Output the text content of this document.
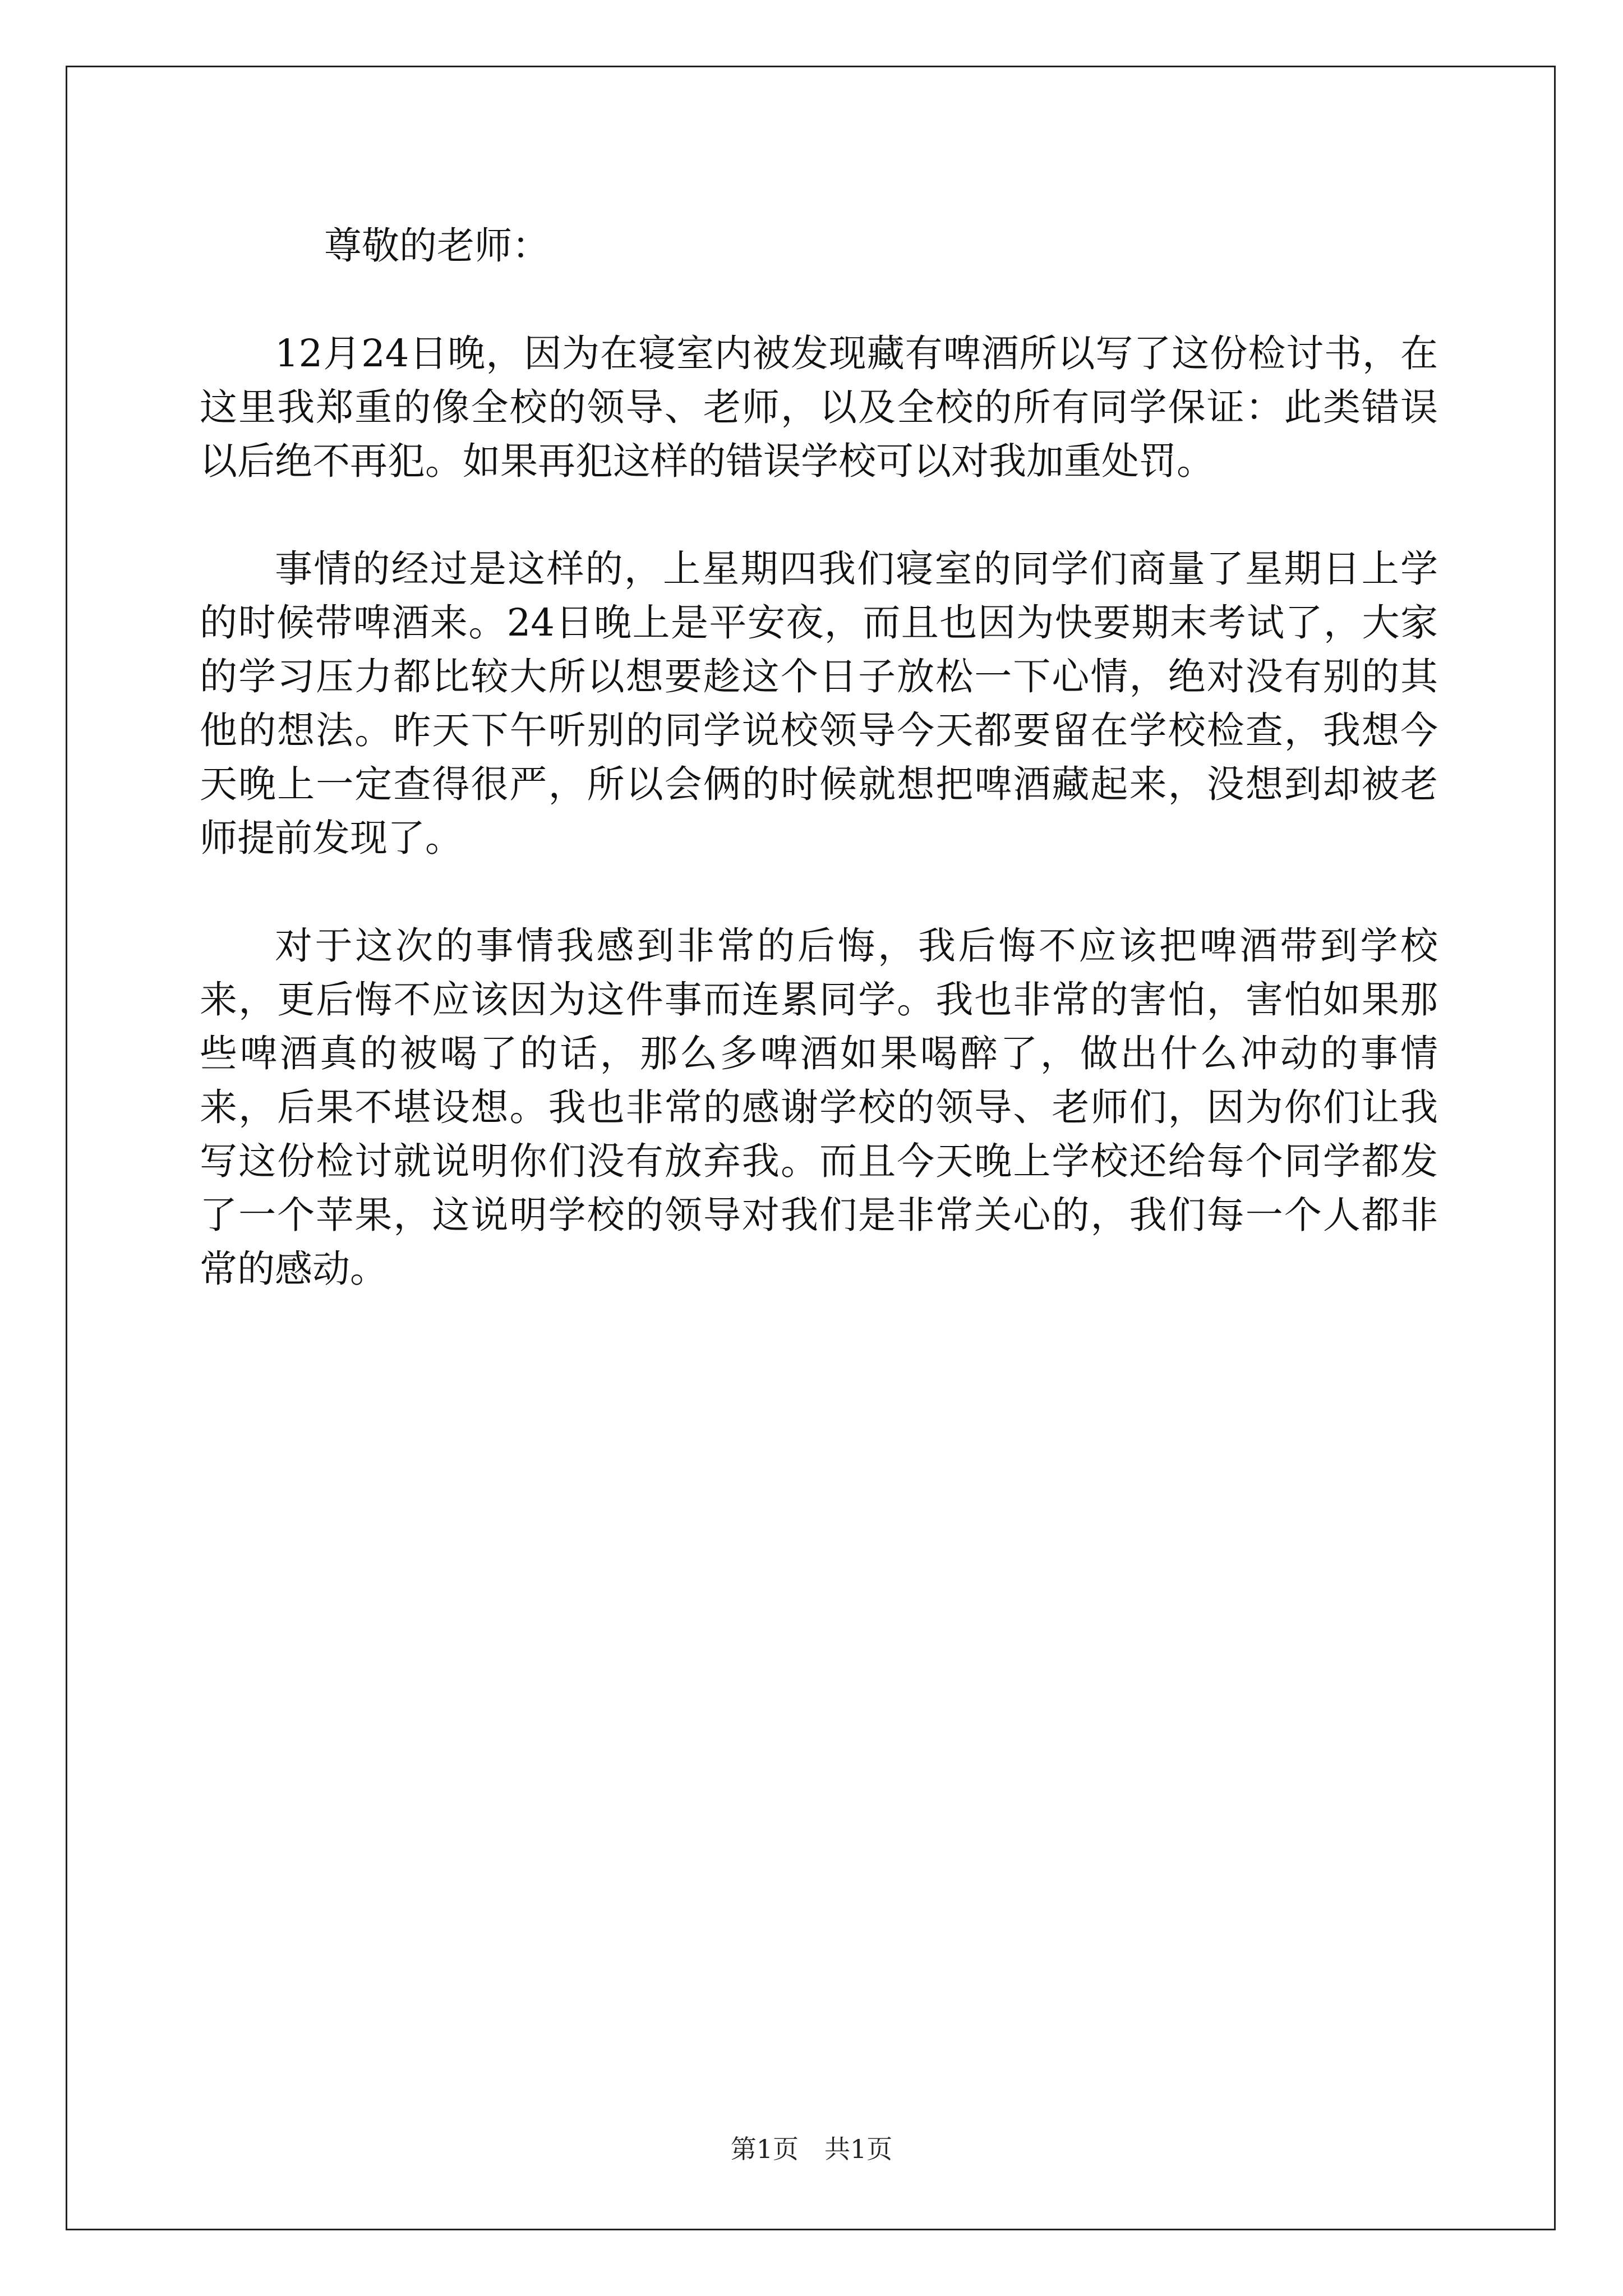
尊敬的老师：

12月24日晚，因为在寝室内被发现藏有啤酒所以写了这份检讨书，在这里我郑重的像全校的领导、老师，以及全校的所有同学保证：此类错误以后绝不再犯。如果再犯这样的错误学校可以对我加重处罚。

事情的经过是这样的，上星期四我们寝室的同学们商量了星期日上学的时候带啤酒来。24日晚上是平安夜，而且也因为快要期末考试了，大家的学习压力都比较大所以想要趁这个日子放松一下心情，绝对没有别的其他的想法。昨天下午听别的同学说校领导今天都要留在学校检查，我想今天晚上一定查得很严，所以会俩的时候就想把啤酒藏起来，没想到却被老师提前发现了。

对于这次的事情我感到非常的后悔，我后悔不应该把啤酒带到学校来，更后悔不应该因为这件事而连累同学。我也非常的害怕，害怕如果那些啤酒真的被喝了的话，那么多啤酒如果喝醉了，做出什么冲动的事情来，后果不堪设想。我也非常的感谢学校的领导、老师们，因为你们让我写这份检讨就说明你们没有放弃我。而且今天晚上学校还给每个同学都发了一个苹果，这说明学校的领导对我们是非常关心的，我们每一个人都非常的感动。

第1页 共1页
